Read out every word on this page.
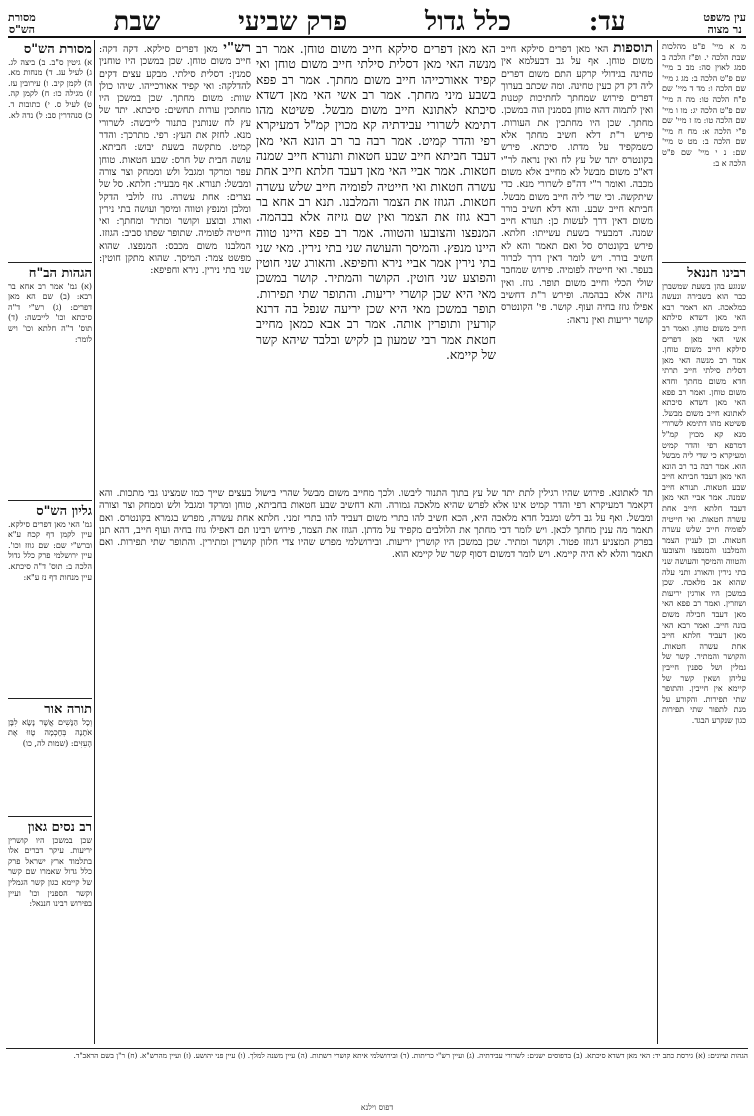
עין משפט
נר מצוה
עד:
כלל גדול
פרק שביעי
שבת
מסורת
הש"ס
מ א מיי' פ"ט מהלכות שבת הלכה י. ופ"ז הלכה ב סמג לאוין סה: מב ב מיי' שם פ"ט הלכה ב: מג ג מיי' שם הלכה ו: מד ד מיי' שם פ"ח הלכה טו: מה ה מיי' שם פ"ט הלכה יג: מו ו מיי' שם הלכה טו: מז ז מיי' שם פ"י הלכה א: מח ח מיי' שם הלכה ב: מט ט מיי' שם: נ י מיי' שם פ"ט הלכה א ב:
רבינו חננאל
שנוגע בהן בשעת שמשברן כבר הוא בשבירה ונעשה כמלאכה. הא דאמר רבא האי מאן דשדא סילתא חייב משום טוחן. ואמר רב אשי האי מאן דפרים סילקא חייב משום טוחן. אמר רב מנשה האי מאן דסלית סילתי חייב תרתי חדא משום מחתך וחדא משום טוחן. ואמר רב פפא האי מאן דשדא סיכתא לאתונא חייב משום מבשל. פשיטא מהו דתימא לשרורי מנא קא מכוין קמ"ל דמרפא רפי והדר קמיט ומעיקרא כי שדי ליה מבשל הוא. אמר רבה בר רב הונא האי מאן דעבד חביתא חייב שבע חטאות. תנורא חייב שמנה. אמר אביי האי מאן דעבד חלתא חייב אחת עשרה חטאות. ואי חייטיה לפומיה חייב שלש עשרה חטאות. וכן לעניין הצמר והמלבנו והמנפצו והצובעו והטווה והמיסך והעושה שני בתי נירין והאורג ותני עלה שהוא אב מלאכה. שכן במשכן היו אורגין יריעות ושוזרין. ואמר רב פפא האי מאן דעבד חבילה משום בונה חייב. ואמר רבא האי מאן דעביד חלתא חייב אחת עשרה חטאות. והקושר והמתיר. קשר של גמלין ושל ספנין חייבין עליהן ושאין קשר של קיימא אין חייבין. והתופר שתי תפירות. והקורע על מנת לתפור שתי תפירות כגון שנקרע הבגד.
תוספות האי מאן דפרים סילקא חייב משום טוחן. אף על גב דבעלמא אין טחינה בגידולי קרקע התם משום דפרים ליה דק דק כעין טחינה. ומה שכתב בערוך דפרים פירוש שמחתך לחתיכות קטנות ואין לתמוה דהא טוחן בסמנין הוה במשכן. מחתך. שכן היו מחתכין את העורות. פירש ר"ת דלא חשיב מחתך אלא כשמקפיד על מדתו. סיכתא. פירש בקונטרס יתד של עץ לח ואין נראה לר"י דא"כ משום מבשל לא מחייב אלא משום מכבה. ואומר ר"י דה"פ לשרורי מנא. כדי שיתקשה. וכי שדי ליה חייב משום מבשל. חביתא חייב שבע. והא דלא חשיב בורר משום דאין דרך לעשות כן: תנורא חייב שמנה. דמבעיר בשעת עשייתו: חלתא. פירש בקונטרס סל ואם תאמר והא לא חשיב בורר. ויש לומר דאין דרך לברור בעפר. ואי חייטיה לפומיה. פירוש שמחבר שולי הכלי וחייב משום תופר. גוזז. ואין גזיזה אלא בבהמה. ופירש ר"ת דחשיב אפילו גוזז בחיה ועוף. קושר. פי' הקונטרס קושר יריעות ואין נראה:
הא מאן דפרים סילקא חייב משום טוחן. אמר רב מנשה האי מאן דסלית סילתי חייב משום טוחן ואי קפיד אאורכייהו חייב משום מחתך. אמר רב פפא בשבע מיני מחתך. אמר רב אשי האי מאן דשדא סיכתא לאתונא חייב משום מבשל. פשיטא מהו דתימא לשרורי עבידתיה קא מכוין קמ"ל דמעיקרא רפי והדר קמיט. אמר רבה בר רב הונא האי מאן דעבד חביתא חייב שבע חטאות ותנורא חייב שמנה חטאות. אמר אביי האי מאן דעבד חלתא חייב אחת עשרה חטאות ואי חייטיה לפומיה חייב שלש עשרה חטאות. הגוזז את הצמר והמלבנו. תנא רב אחא בר רבא גוזז את הצמר ואין שם גזיזה אלא בבהמה. המנפצו והצובעו והטווה. אמר רב פפא היינו טווה היינו מנפץ. והמיסך והעושה שני בתי נירין. מאי שני בתי נירין אמר אביי נירא וחפיפא. והאורג שני חוטין והפוצע שני חוטין. הקושר והמתיר. קושר במשכן מאי היא שכן קושרי יריעות. והתופר שתי תפירות. תופר במשכן מאי היא שכן יריעה שנפל בה דרנא קורעין ותופרין אותה. אמר רב אבא כמאן מחייב חטאת אמר רבי שמעון בן לקיש ובלבד שיהא קשר של קיימא.
רש"י מאן דפרים סילקא. דקה דקה: חייב משום טוחן. שכן במשכן היו טוחנין סמנין: דסלית סילתי. מבקע עצים דקים להדלקה: ואי קפיד אאורכייהו. שיהו כולן שוות: משום מחתך. שכן במשכן היו מחתכין עורות תחשים: סיכתא. יתד של עץ לח שנותנין בתנור לייבשה: לשרורי מנא. לחזק את העץ: רפי. מתרכך: והדר קמיט. מתקשה בשעת יבוש: חביתא. עושה חבית של חרס: שבע חטאות. טוחן עפר ומרקד ומגבל ולש וממחק וצר צורה ומבשל: תנורא. אף מבעיר: חלתא. סל של נצרים: אחת עשרה. גוזז לולבי הדקל ומלבן ומנפץ וטווה ומיסך ועושה בתי נירין ואורג ובוצע וקושר ומתיר ומחתך: ואי חייטיה לפומיה. שתופר שפתו סביב: הגוזז. המלבנו משום מכבס: המנפצו. שהוא מפשט צמר: המיסך. שהוא מתקן חוטין: שני בתי נירין. נירא וחפיפא:
תד לאתונא. פירוש שהיו רגילין לתת יתד של עץ בתוך התנור ליבשו. ולכך מחייב משום מבשל שהרי בישול בעצים שייך כמו שמצינו גבי מתכות. והא דקאמר דמעיקרא רפי והדר קמיט אינו אלא לפרש שהיא מלאכה גמורה. והא דחשיב שבע חטאות בחביתא, טוחן ומרקד ומגבל ולש וממחק וצר וצורה ומבשל. ואף על גב דלש ומגבל חדא מלאכה היא, הכא חשיב להו בתרי משום דעביד להו בתרי זמני. חלתא אחת עשרה, מפרש בגמרא בקונטרס. ואם תאמר מה ענין מחתך לכאן. ויש לומר דכי מחתך את הלולבים מקפיד על מדתן. הגוזז את הצמר, פירוש רבינו תם דאפילו גוזז בחיה ועוף חייב, דהא תנן בפרק המצניע דגוזז פטור. וקושר ומתיר. שכן במשכן היו קושרין יריעות. ובירושלמי מפרש שהיו צדי חלזון קושרין ומתירין. והתופר שתי תפירות. ואם תאמר והלא לא היה קיימא. ויש לומר דמשום דסוף קשר של קיימא הוא.
מסורת הש"ס
א) גיטין ס"ב. ב) ביצה לג. ג) לעיל עג. ד) מנחות מא. ה) לקמן קיב. ו) עירובין עז. ז) מגילה כו: ח) לקמן קה. ט) לעיל ס. י) כתובות ד. כ) סנהדרין סב: ל) נדה לא.
הגהות הב"ח
(א) גמ' אמר רב אחא בר רבא: (ב) שם הא מאן דפרים: (ג) רש"י ד"ה סיכתא וכו' לייבשה: (ד) תוס' ד"ה חלתא וכו' ויש לומר:
גליון הש"ס
גמ' האי מאן דפרים סילקא. עיין לקמן דף קכח ע"א וברש"י שם: שם גוזז וכו'. עיין ירושלמי פרק כלל גדול הלכה ב: תוס' ד"ה סיכתא. עיין מנחות דף נז ע"א:
תורה אור
וְכָל הַנָּשִׁים אֲשֶׁר נָשָׂא לִבָּן אֹתָנָה בְּחָכְמָה טָווּ אֶת הָעִזִּים: (שמות לה, כו)
רב נסים גאון
שכן במשכן היו קושרין יריעות. עיקר דברים אלו בתלמוד ארץ ישראל פרק כלל גדול שאמרו שם קשר של קיימא כגון קשר הגמלין וקשר הספנין וכו' ועיין בפירוש רבינו חננאל:
הגהות וציונים: (א) גירסת כתב יד: האי מאן דשדא סיכתא. (ב) בדפוסים ישנים: לשרורי עבידתיה. (ג) ועיין רש"י כריתות. (ד) ובירושלמי איתא קושרי רשתות. (ה) עיין משנה למלך. (ו) עיין פני יהושע. (ז) ועיין מהרש"א. (ח) ר"ן בשם הראב"ד.
דפוס וילנא
